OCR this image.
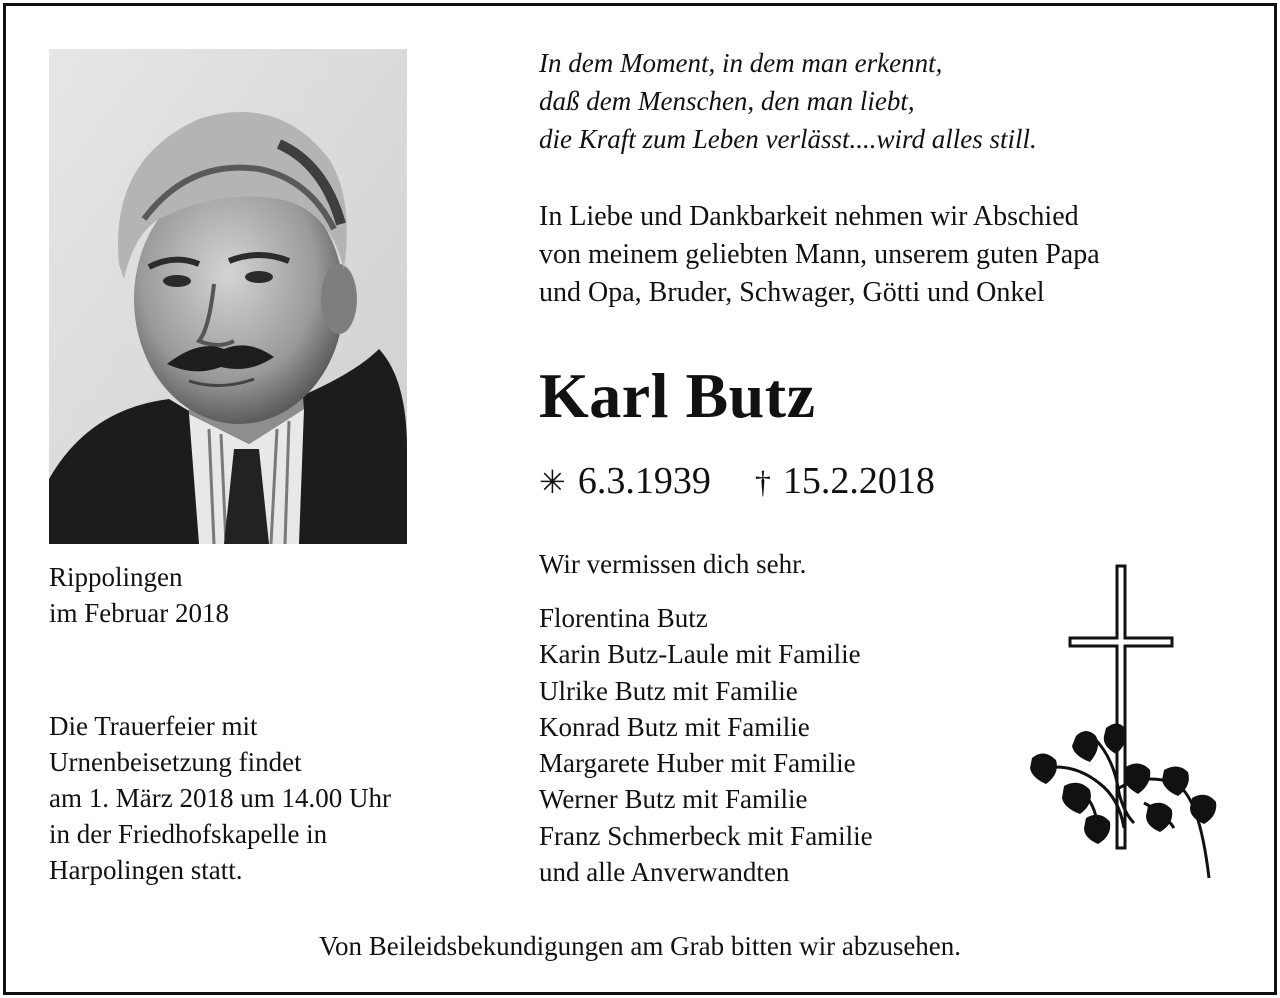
Rippolingen
im Februar 2018
Die Trauerfeier mit
Urnenbeisetzung findet
am 1. März 2018 um 14.00 Uhr
in der Friedhofskapelle in
Harpolingen statt.
In dem Moment, in dem man erkennt,
daß dem Menschen, den man liebt,
die Kraft zum Leben verlässt....wird alles still.
In Liebe und Dankbarkeit nehmen wir Abschied
von meinem geliebten Mann, unserem guten Papa
und Opa, Bruder, Schwager, Götti und Onkel
Karl Butz
✳ 6.3.1939 † 15.2.2018
Wir vermissen dich sehr.
Florentina Butz
Karin Butz-Laule mit Familie
Ulrike Butz mit Familie
Konrad Butz mit Familie
Margarete Huber mit Familie
Werner Butz mit Familie
Franz Schmerbeck mit Familie
und alle Anverwandten
Von Beileidsbekundigungen am Grab bitten wir abzusehen.
